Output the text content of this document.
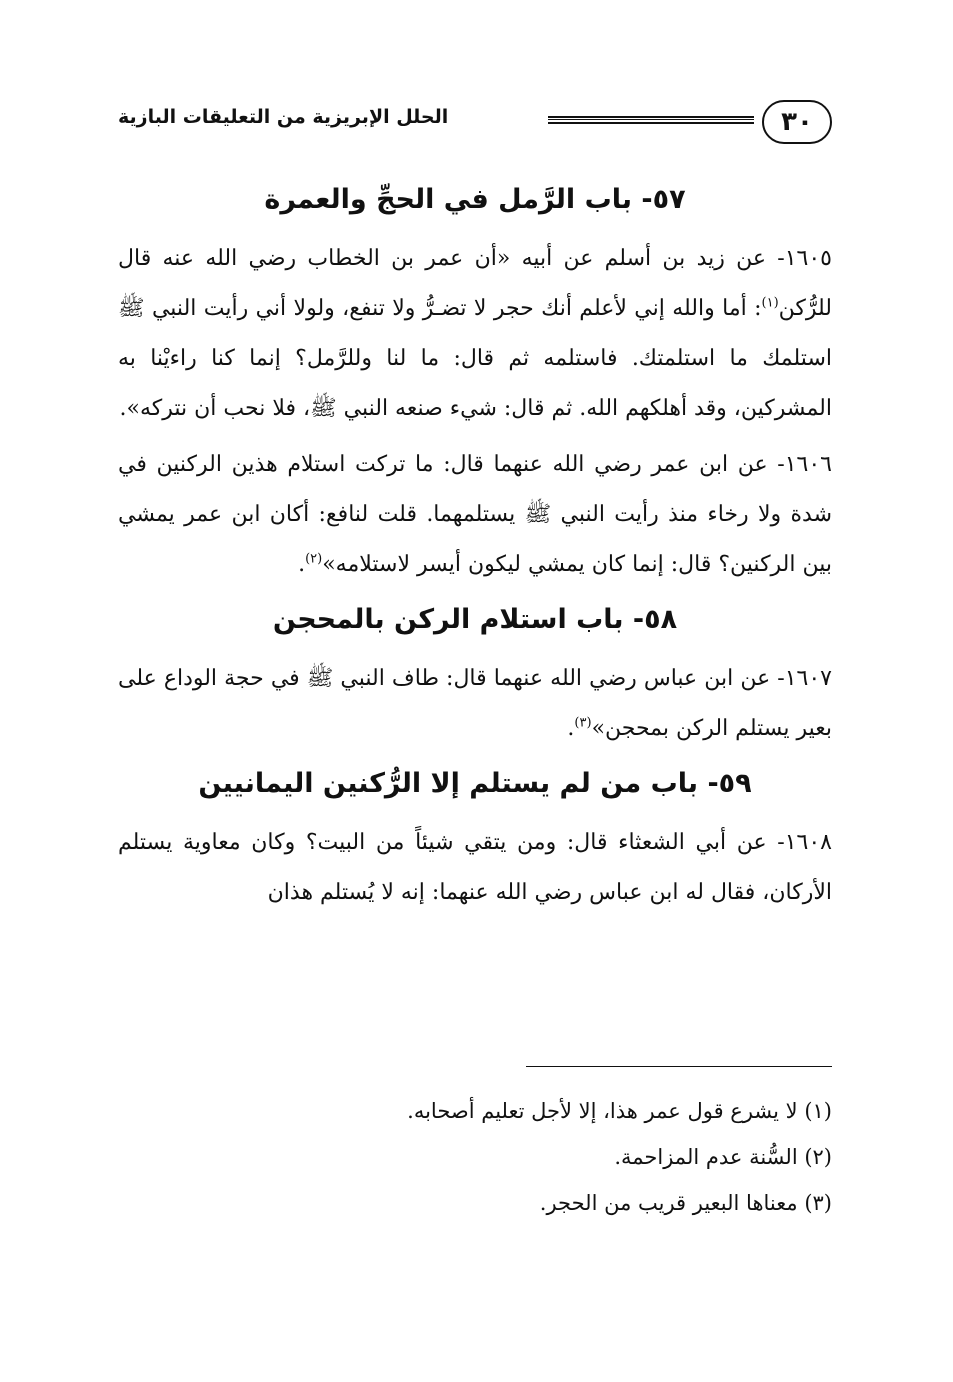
٣٠
الحلل الإبريزية من التعليقات البازية
٥٧- باب الرَّمل في الحجِّ والعمرة

١٦٠٥- عن زيد بن أسلم عن أبيه «أن عمر بن الخطاب رضي الله عنه قال للرُّكن$^{(١)}$: أما والله إني لأعلم أنك حجر لا تضـرُّ ولا تنفع، ولولا أني رأيت النبي ﷺ استلمك ما استلمتك. فاستلمه ثم قال: ما لنا وللرَّمل؟ إنما كنا راءيْنا به المشركين، وقد أهلكهم الله. ثم قال: شيء صنعه النبي ﷺ، فلا نحب أن نتركه».

١٦٠٦- عن ابن عمر رضي الله عنهما قال: ما تركت استلام هذين الركنين في شدة ولا رخاء منذ رأيت النبي ﷺ يستلمهما. قلت لنافع: أكان ابن عمر يمشي بين الركنين؟ قال: إنما كان يمشي ليكون أيسر لاستلامه»$^{(٢)}$.

٥٨- باب استلام الركن بالمحجن

١٦٠٧- عن ابن عباس رضي الله عنهما قال: طاف النبي ﷺ في حجة الوداع على بعير يستلم الركن بمحجن»$^{(٣)}$.

٥٩- باب من لم يستلم إلا الرُّكنين اليمانيين

١٦٠٨- عن أبي الشعثاء قال: ومن يتقي شيئاً من البيت؟ وكان معاوية يستلم الأركان، فقال له ابن عباس رضي الله عنهما: إنه لا يُستلم هذان

(١) لا يشرع قول عمر هذا، إلا لأجل تعليم أصحابه.
(٢) السُّنة عدم المزاحمة.
(٣) معناها البعير قريب من الحجر.
